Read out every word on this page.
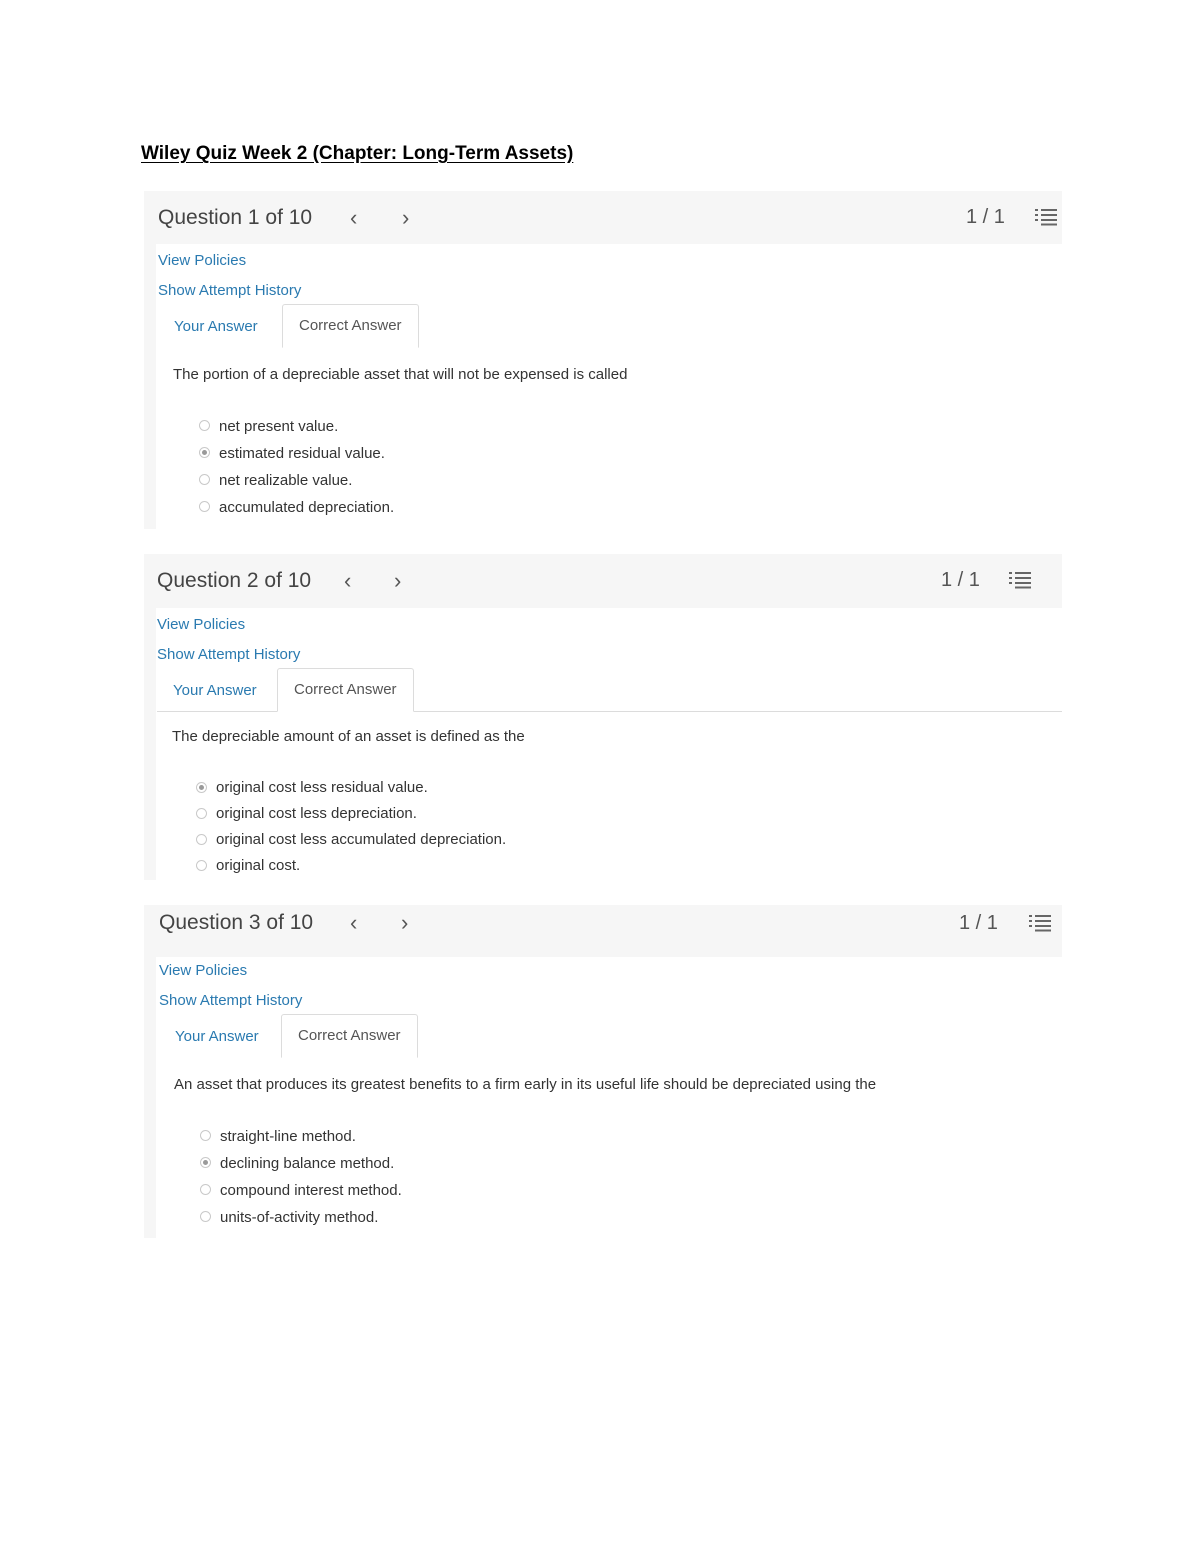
Wiley Quiz Week 2 (Chapter: Long-Term Assets)
Question 1 of 10 ‹ ›	1 / 1
View Policies
Show Attempt History
Your Answer	Correct Answer
The portion of a depreciable asset that will not be expensed is called
net present value.
estimated residual value.
net realizable value.
accumulated depreciation.
Question 2 of 10 ‹ ›	1 / 1
View Policies
Show Attempt History
Your Answer	Correct Answer
The depreciable amount of an asset is defined as the
original cost less residual value.
original cost less depreciation.
original cost less accumulated depreciation.
original cost.
Question 3 of 10 ‹ ›	1 / 1
View Policies
Show Attempt History
Your Answer	Correct Answer
An asset that produces its greatest benefits to a firm early in its useful life should be depreciated using the
straight-line method.
declining balance method.
compound interest method.
units-of-activity method.
